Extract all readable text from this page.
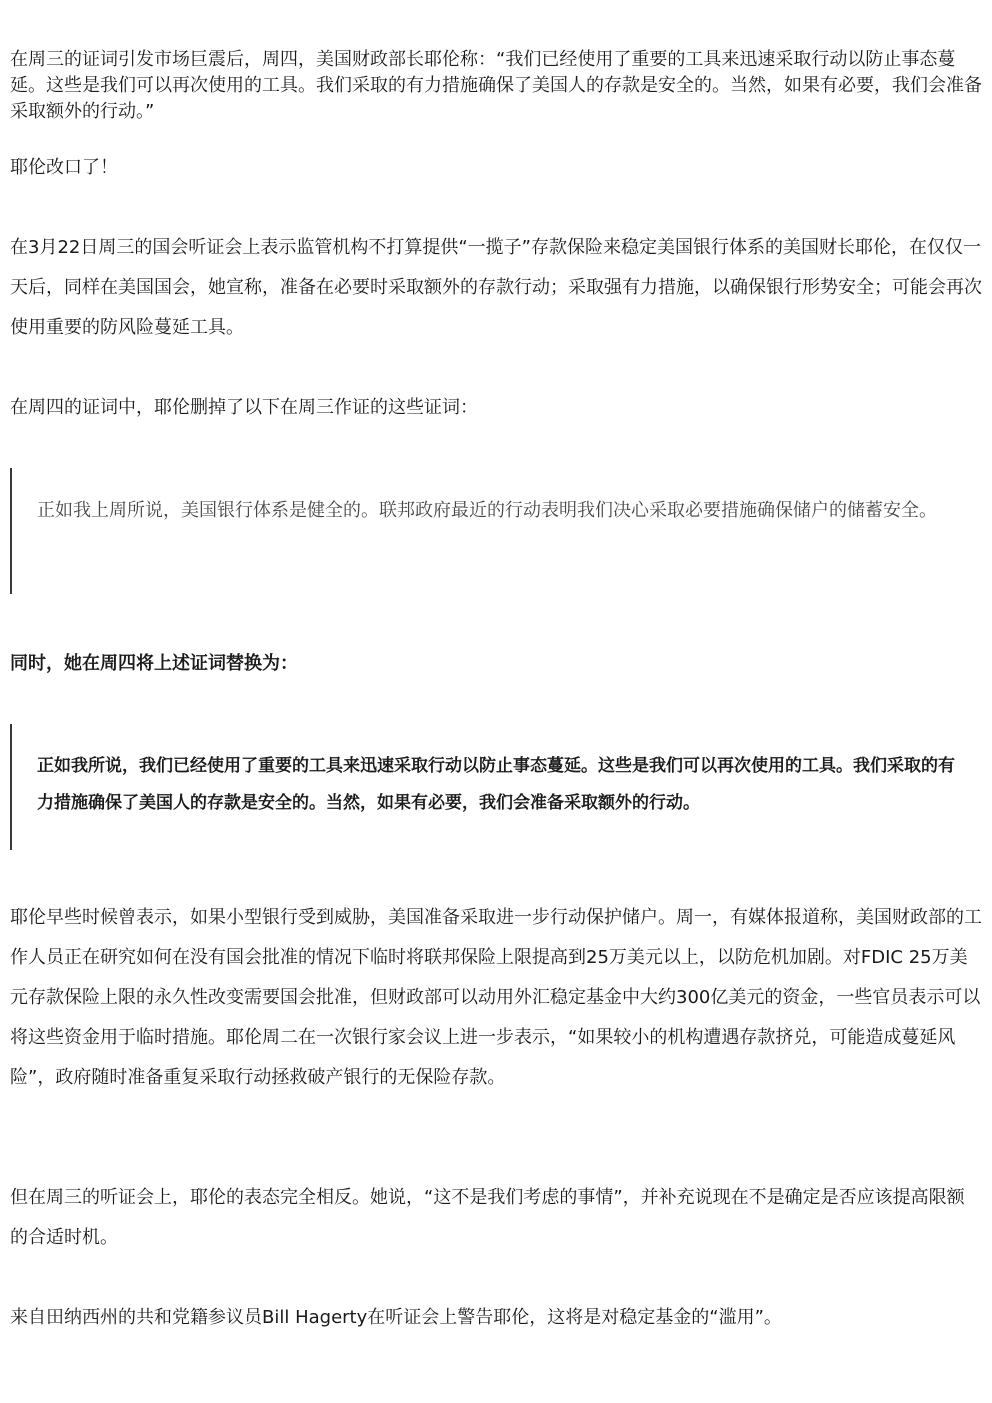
在周三的证词引发市场巨震后，周四，美国财政部长耶伦称：“我们已经使用了重要的工具来迅速采取行动以防止事态蔓延。这些是我们可以再次使用的工具。我们采取的有力措施确保了美国人的存款是安全的。当然，如果有必要，我们会准备采取额外的行动。”

耶伦改口了！

在3月22日周三的国会听证会上表示监管机构不打算提供“一揽子”存款保险来稳定美国银行体系的美国财长耶伦，在仅仅一天后，同样在美国国会，她宣称，准备在必要时采取额外的存款行动；采取强有力措施，以确保银行形势安全；可能会再次使用重要的防风险蔓延工具。

在周四的证词中，耶伦删掉了以下在周三作证的这些证词：

正如我上周所说，美国银行体系是健全的。联邦政府最近的行动表明我们决心采取必要措施确保储户的储蓄安全。

同时，她在周四将上述证词替换为：

正如我所说，我们已经使用了重要的工具来迅速采取行动以防止事态蔓延。这些是我们可以再次使用的工具。我们采取的有力措施确保了美国人的存款是安全的。当然，如果有必要，我们会准备采取额外的行动。

耶伦早些时候曾表示，如果小型银行受到威胁，美国准备采取进一步行动保护储户。周一，有媒体报道称，美国财政部的工作人员正在研究如何在没有国会批准的情况下临时将联邦保险上限提高到25万美元以上，以防危机加剧。对FDIC 25万美元存款保险上限的永久性改变需要国会批准，但财政部可以动用外汇稳定基金中大约300亿美元的资金，一些官员表示可以将这些资金用于临时措施。耶伦周二在一次银行家会议上进一步表示，“如果较小的机构遭遇存款挤兑，可能造成蔓延风险”，政府随时准备重复采取行动拯救破产银行的无保险存款。

但在周三的听证会上，耶伦的表态完全相反。她说，“这不是我们考虑的事情”，并补充说现在不是确定是否应该提高限额的合适时机。

来自田纳西州的共和党籍参议员Bill Hagerty在听证会上警告耶伦，这将是对稳定基金的“滥用”。
